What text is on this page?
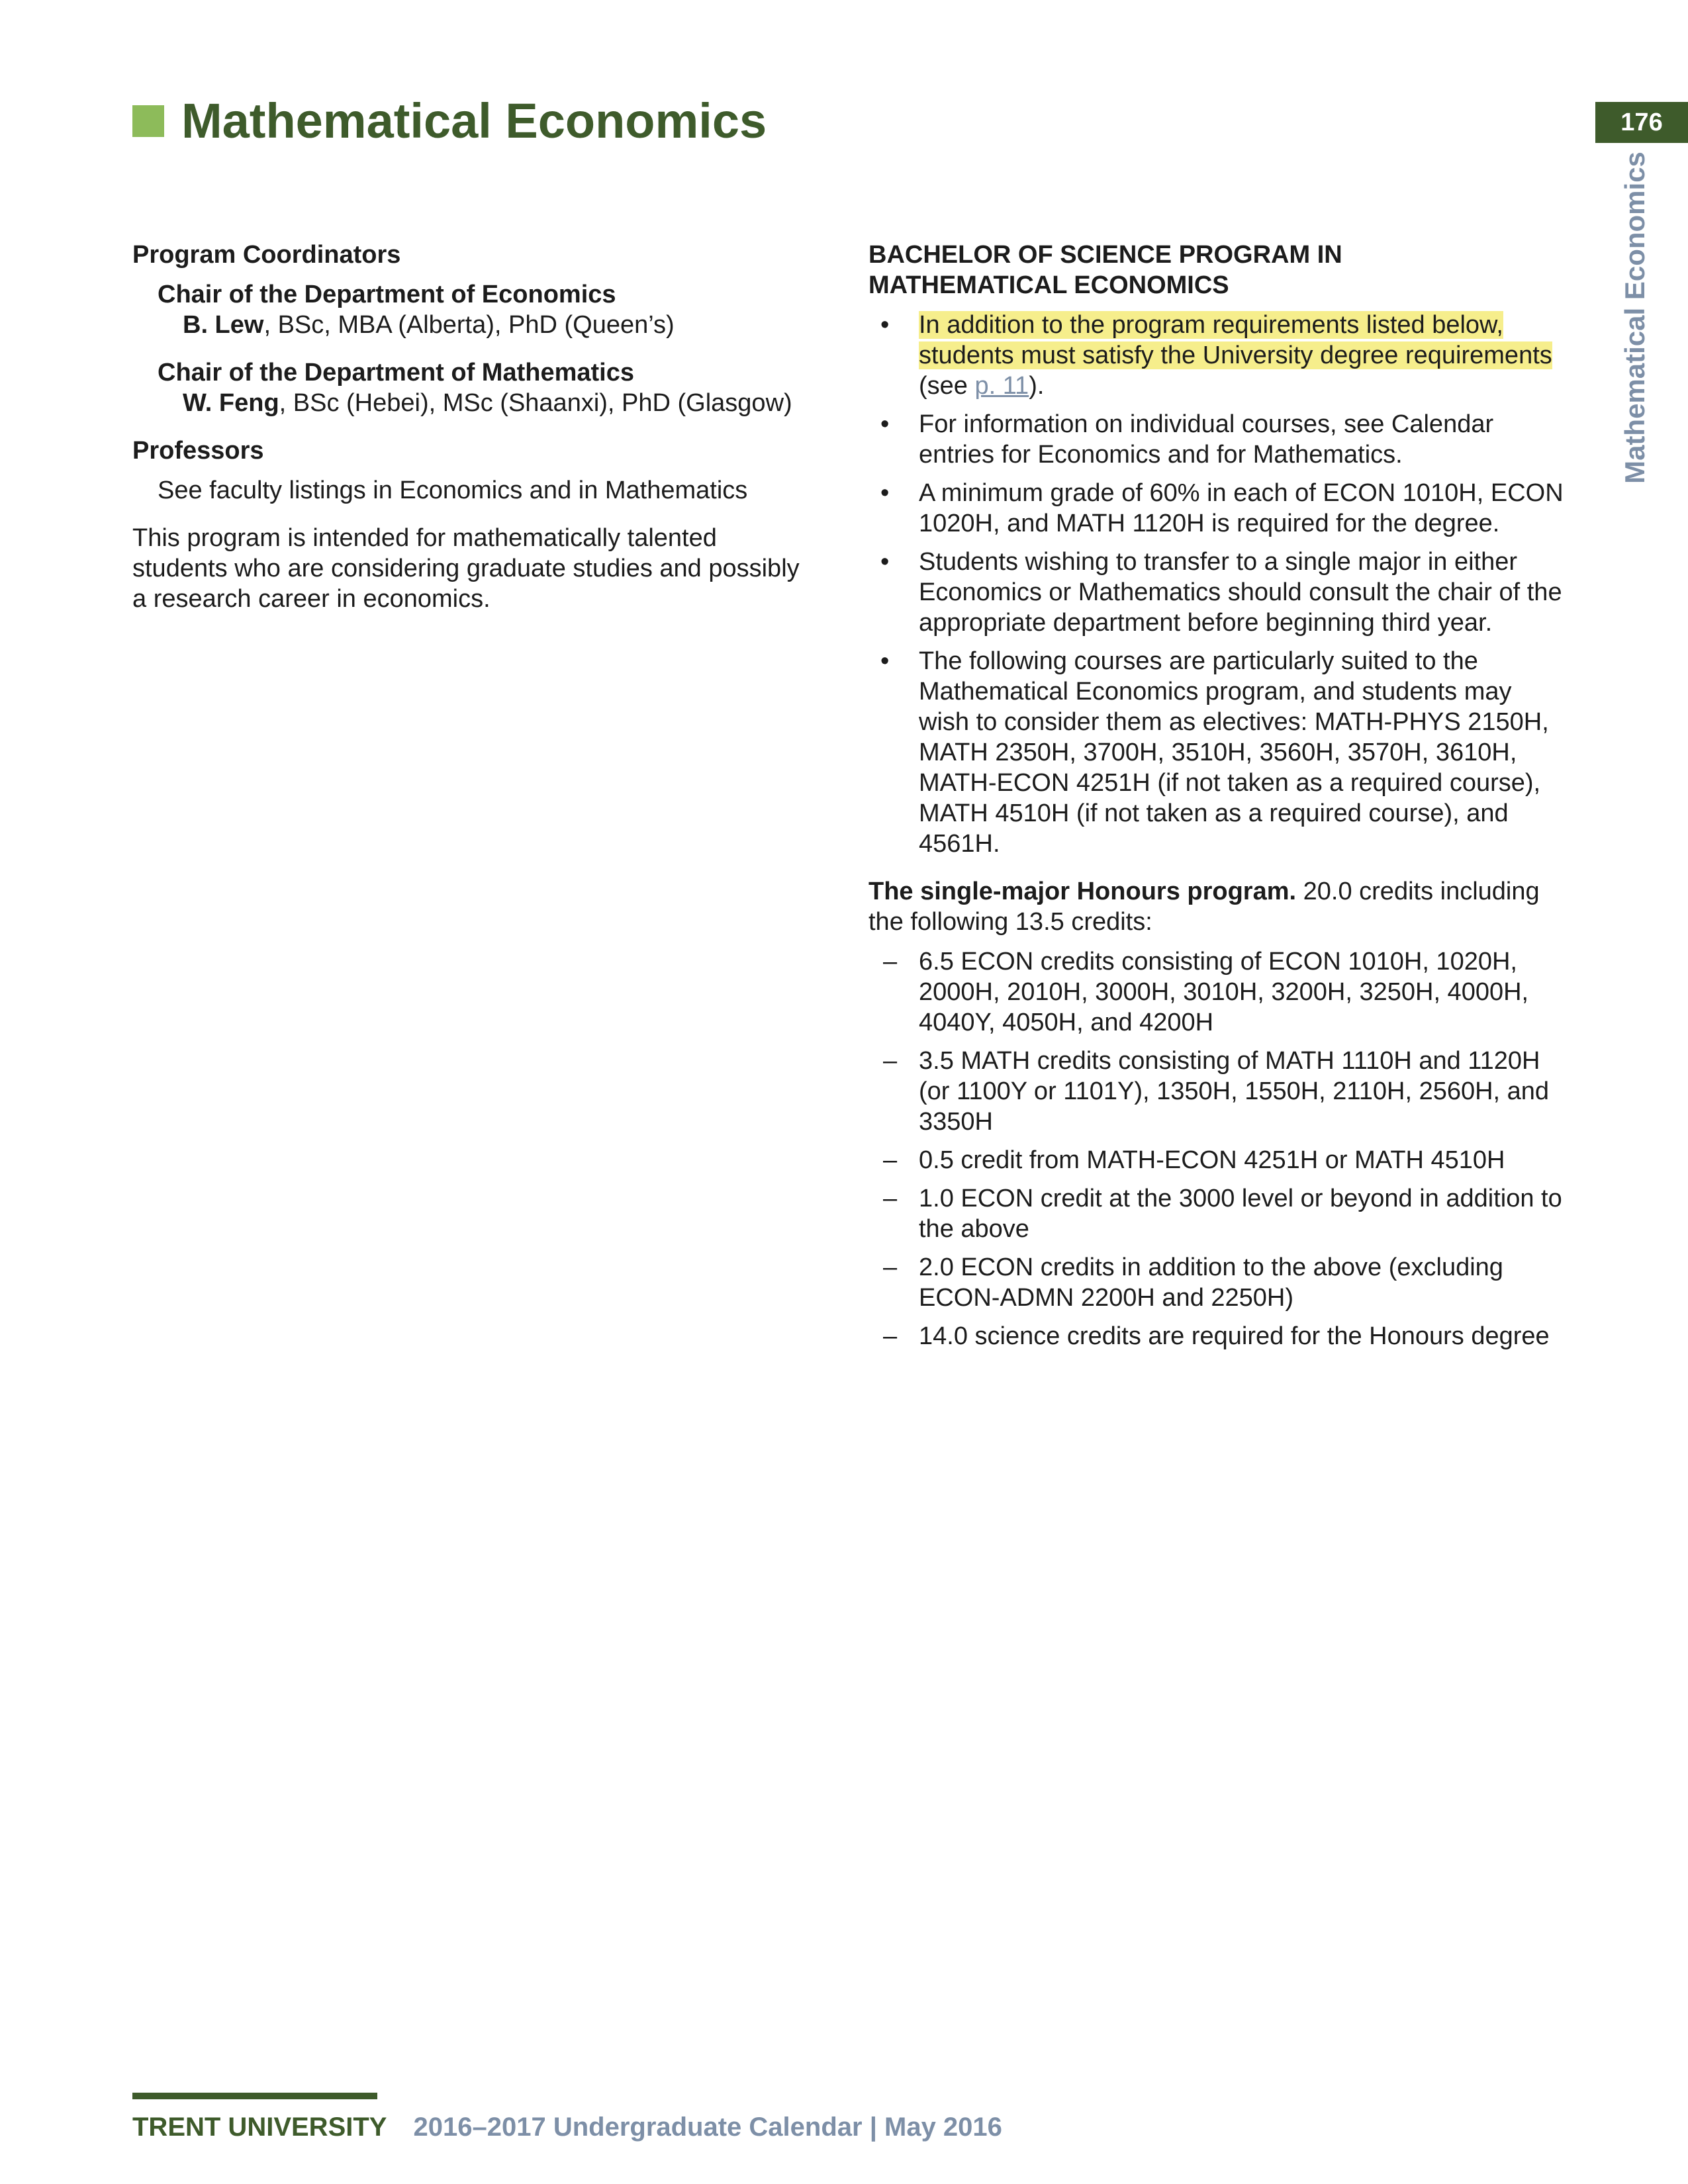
Mathematical Economics	176
Mathematical Economics
Program Coordinators
Chair of the Department of Economics
B. Lew, BSc, MBA (Alberta), PhD (Queen’s)
Chair of the Department of Mathematics
W. Feng, BSc (Hebei), MSc (Shaanxi), PhD (Glasgow)
Professors
See faculty listings in Economics and in Mathematics
This program is intended for mathematically talented students who are considering graduate studies and possibly a research career in economics.
BACHELOR OF SCIENCE PROGRAM IN
MATHEMATICAL ECONOMICS
• In addition to the program requirements listed below, students must satisfy the University degree requirements (see p. 11).
• For information on individual courses, see Calendar entries for Economics and for Mathematics.
• A minimum grade of 60% in each of ECON 1010H, ECON 1020H, and MATH 1120H is required for the degree.
• Students wishing to transfer to a single major in either Economics or Mathematics should consult the chair of the appropriate department before beginning third year.
• The following courses are particularly suited to the Mathematical Economics program, and students may wish to consider them as electives: MATH-PHYS 2150H, MATH 2350H, 3700H, 3510H, 3560H, 3570H, 3610H, MATH-ECON 4251H (if not taken as a required course), MATH 4510H (if not taken as a required course), and 4561H.
The single-major Honours program. 20.0 credits including the following 13.5 credits:
– 6.5 ECON credits consisting of ECON 1010H, 1020H, 2000H, 2010H, 3000H, 3010H, 3200H, 3250H, 4000H, 4040Y, 4050H, and 4200H
– 3.5 MATH credits consisting of MATH 1110H and 1120H (or 1100Y or 1101Y), 1350H, 1550H, 2110H, 2560H, and 3350H
– 0.5 credit from MATH-ECON 4251H or MATH 4510H
– 1.0 ECON credit at the 3000 level or beyond in addition to the above
– 2.0 ECON credits in addition to the above (excluding ECON-ADMN 2200H and 2250H)
– 14.0 science credits are required for the Honours degree
TRENT UNIVERSITY 2016–2017 Undergraduate Calendar | May 2016
